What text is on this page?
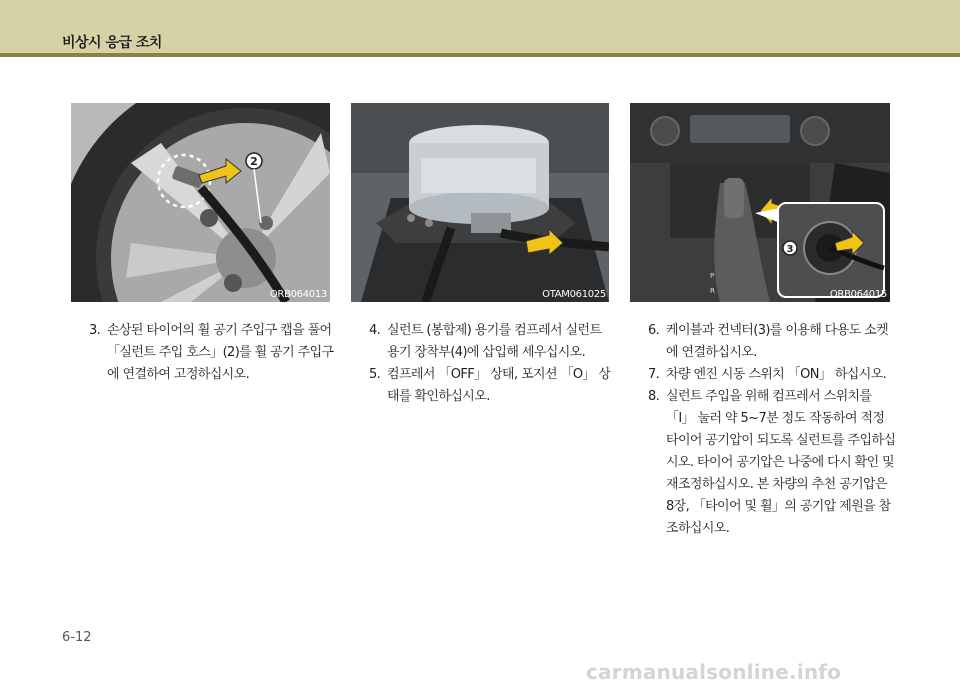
비상시 응급 조치
2
ORB064013	OTAM061025
P
R
3
ORB064015
3. 손상된 타이어의 휠 공기 주입구 캡을 풀어 「실런트 주입 호스」(2)를 휠 공기 주입구에 연결하여 고정하십시오.
4. 실런트 (봉합제) 용기를 컴프레서 실런트 용기 장착부(4)에 삽입해 세우십시오.
5. 컴프레서 「OFF」 상태, 포지션 「O」 상태를 확인하십시오.
6. 케이블과 컨넥터(3)를 이용해 다용도 소켓에 연결하십시오.
7. 차량 엔진 시동 스위치 「ON」 하십시오.
8. 실런트 주입을 위해 컴프레서 스위치를 「I」 눌러 약 5~7분 정도 작동하여 적정 타이어 공기압이 되도록 실런트를 주입하십시오. 타이어 공기압은 나중에 다시 확인 및 재조정하십시오. 본 차량의 추천 공기압은 8장, 「타이어 및 휠」의 공기압 제원을 참조하십시오.
6-12
carmanualsonline.info
